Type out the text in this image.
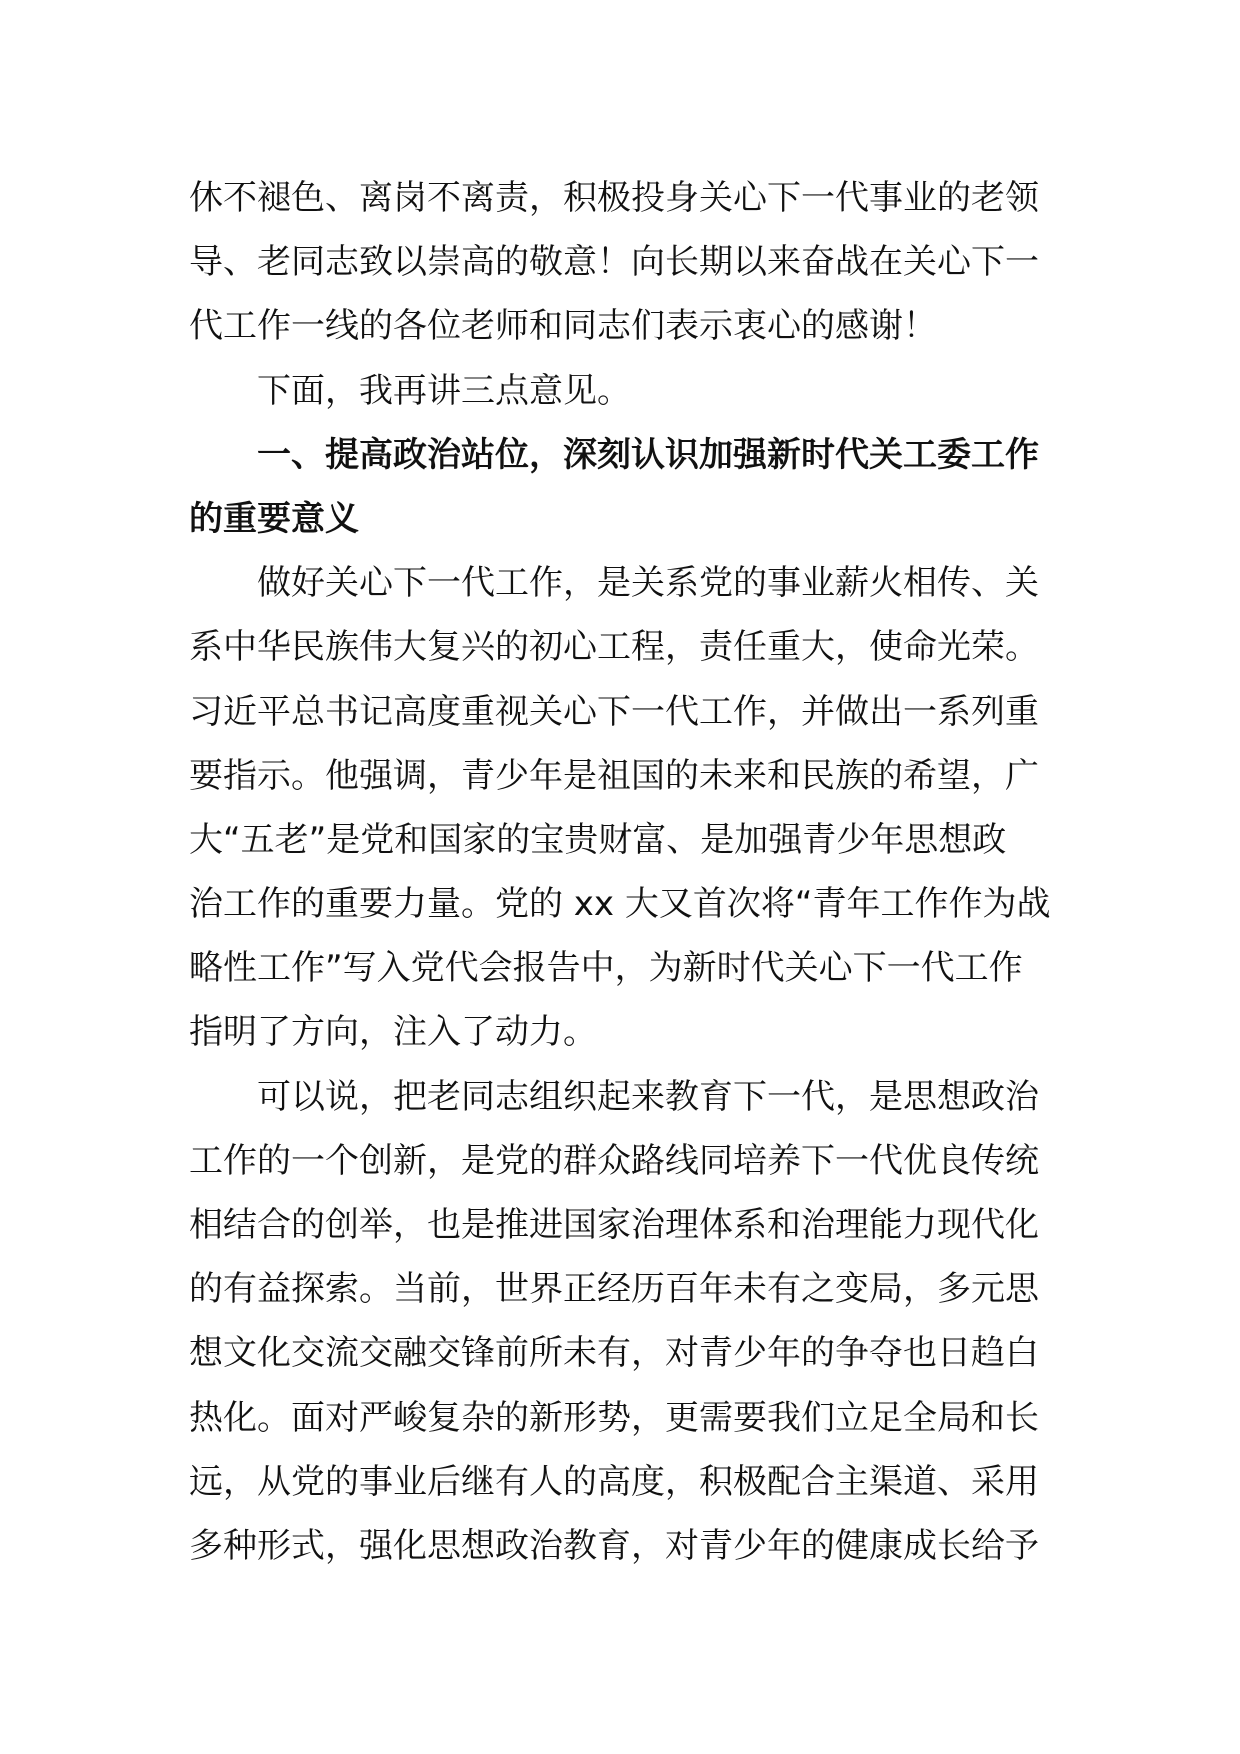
休不褪色、离岗不离责，积极投身关心下一代事业的老领
导、老同志致以崇高的敬意！向长期以来奋战在关心下一
代工作一线的各位老师和同志们表示衷心的感谢！
下面，我再讲三点意见。
一、提高政治站位，深刻认识加强新时代关工委工作
的重要意义
做好关心下一代工作，是关系党的事业薪火相传、关
系中华民族伟大复兴的初心工程，责任重大，使命光荣。
习近平总书记高度重视关心下一代工作，并做出一系列重
要指示。他强调，青少年是祖国的未来和民族的希望，广
大“五老”是党和国家的宝贵财富、是加强青少年思想政
治工作的重要力量。党的 xx 大又首次将“青年工作作为战
略性工作”写入党代会报告中，为新时代关心下一代工作
指明了方向，注入了动力。
可以说，把老同志组织起来教育下一代，是思想政治
工作的一个创新，是党的群众路线同培养下一代优良传统
相结合的创举，也是推进国家治理体系和治理能力现代化
的有益探索。当前，世界正经历百年未有之变局，多元思
想文化交流交融交锋前所未有，对青少年的争夺也日趋白
热化。面对严峻复杂的新形势，更需要我们立足全局和长
远，从党的事业后继有人的高度，积极配合主渠道、采用
多种形式，强化思想政治教育，对青少年的健康成长给予
